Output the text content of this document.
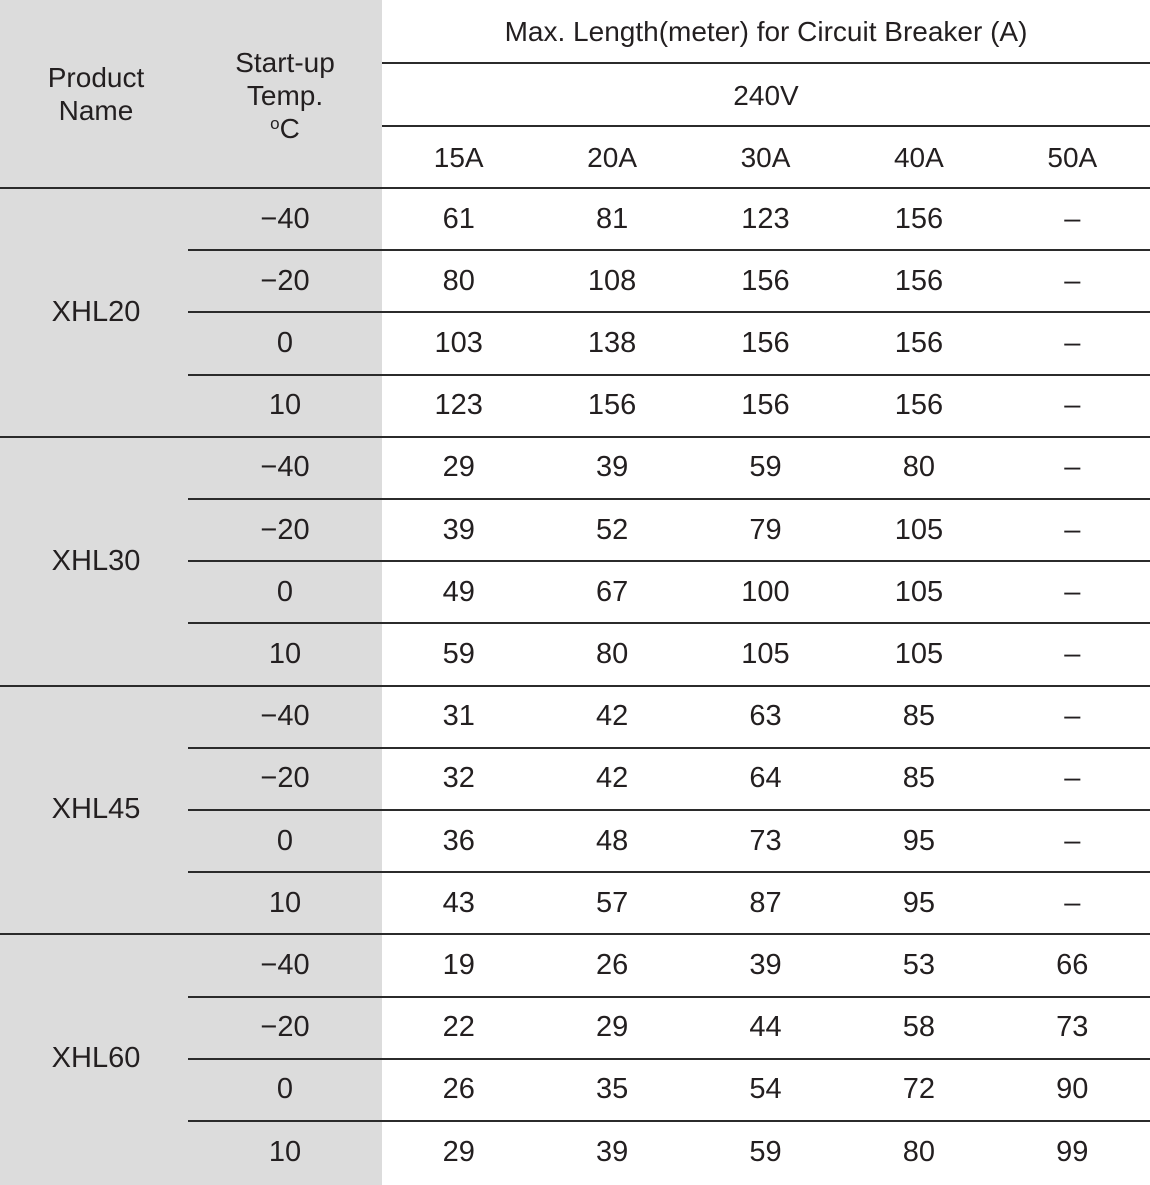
Product
Name
Start-up
Temp.
$^o$C
Max. Length(meter) for Circuit Breaker (A)
240V
15A	20A	30A	40A	50A
XHL20
−40	61	81	123	156	–
−20	80	108	156	156	–
0	103	138	156	156	–
10	123	156	156	156	–
XHL30
−40	29	39	59	80	–
−20	39	52	79	105	–
0	49	67	100	105	–
10	59	80	105	105	–
XHL45
−40	31	42	63	85	–
−20	32	42	64	85	–
0	36	48	73	95	–
10	43	57	87	95	–
XHL60
−40	19	26	39	53	66
−20	22	29	44	58	73
0	26	35	54	72	90
10	29	39	59	80	99
